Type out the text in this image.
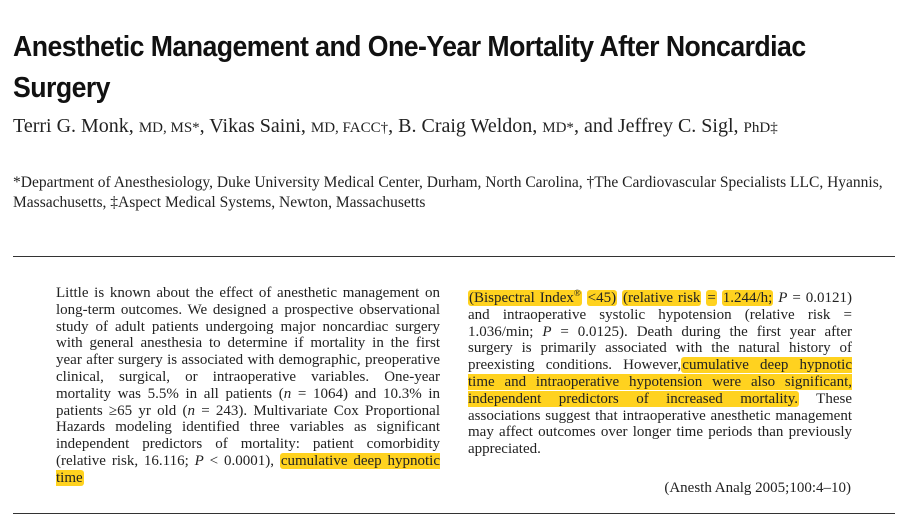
Anesthetic Management and One-Year Mortality After Noncardiac Surgery
Terri G. Monk, MD, MS*, Vikas Saini, MD, FACC†, B. Craig Weldon, MD*, and Jeffrey C. Sigl, PhD‡
*Department of Anesthesiology, Duke University Medical Center, Durham, North Carolina, †The Cardiovascular Specialists LLC, Hyannis, Massachusetts, ‡Aspect Medical Systems, Newton, Massachusetts
Little is known about the effect of anesthetic management on long-term outcomes. We designed a prospective observational study of adult patients undergoing major noncardiac surgery with general anesthesia to determine if mortality in the first year after surgery is associated with demographic, preoperative clinical, surgical, or intraoperative variables. One-year mortality was 5.5% in all patients (n = 1064) and 10.3% in patients ≥65 yr old (n = 243). Multivariate Cox Proportional Hazards modeling identified three variables as significant independent predictors of mortality: patient comorbidity (relative risk, 16.116; P < 0.0001), cumulative deep hypnotic time
(Bispectral Index® <45) (relative risk = 1.244/h; P = 0.0121) and intraoperative systolic hypotension (relative risk = 1.036/min; P = 0.0125). Death during the first year after surgery is primarily associated with the natural history of preexisting conditions. However,cumulative deep hypnotic time and intraoperative hypotension were also significant, independent predictors of increased mortality. These associations suggest that intraoperative anesthetic management may affect outcomes over longer time periods than previously appreciated.
(Anesth Analg 2005;100:4–10)
